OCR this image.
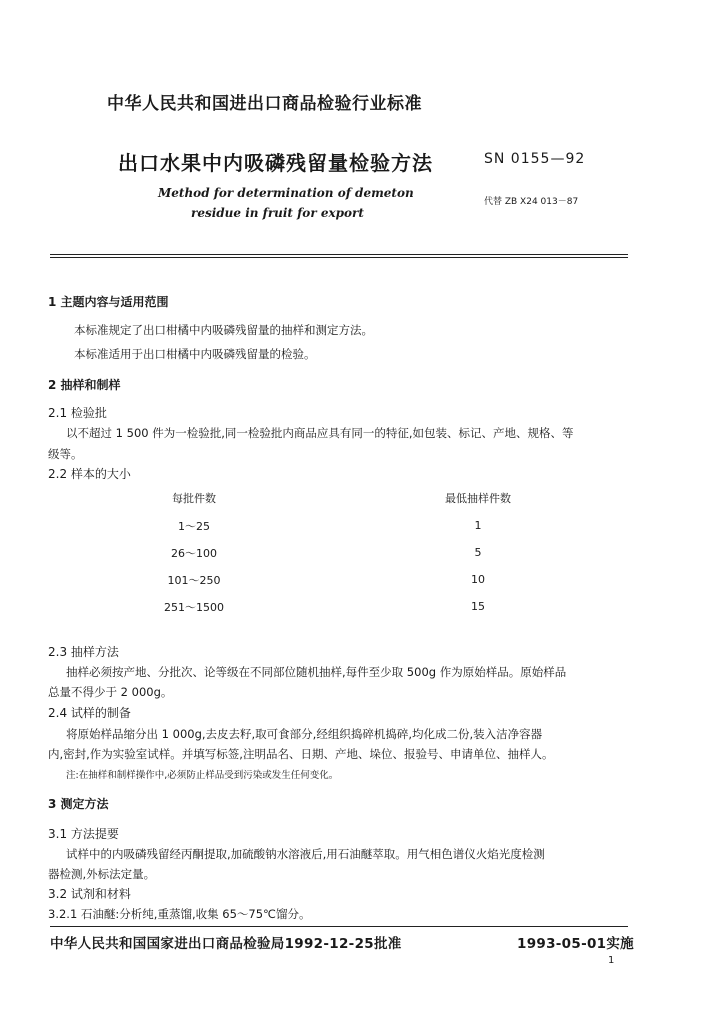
中华人民共和国进出口商品检验行业标准
出口水果中内吸磷残留量检验方法	SN 0155—92
Method for determination of demeton
residue in fruit for export
代替 ZB X24 013－87
1 主题内容与适用范围
本标准规定了出口柑橘中内吸磷残留量的抽样和测定方法。
本标准适用于出口柑橘中内吸磷残留量的检验。
2 抽样和制样
2.1 检验批
以不超过 1 500 件为一检验批,同一检验批内商品应具有同一的特征,如包装、标记、产地、规格、等
级等。
2.2 样本的大小
每批件数	最低抽样件数
1～25	1
26～100	5
101～250	10
251～1500	15
2.3 抽样方法
抽样必须按产地、分批次、论等级在不同部位随机抽样,每件至少取 500g 作为原始样品。原始样品
总量不得少于 2 000g。
2.4 试样的制备
将原始样品缩分出 1 000g,去皮去籽,取可食部分,经组织捣碎机捣碎,均化成二份,装入洁净容器
内,密封,作为实验室试样。并填写标签,注明品名、日期、产地、垛位、报验号、申请单位、抽样人。
注:在抽样和制样操作中,必须防止样品受到污染或发生任何变化。
3 测定方法
3.1 方法提要
试样中的内吸磷残留经丙酮提取,加硫酸钠水溶液后,用石油醚萃取。用气相色谱仪火焰光度检测
器检测,外标法定量。
3.2 试剂和材料
3.2.1 石油醚:分析纯,重蒸馏,收集 65～75℃馏分。
中华人民共和国国家进出口商品检验局1992-12-25批准	1993-05-01实施
1
